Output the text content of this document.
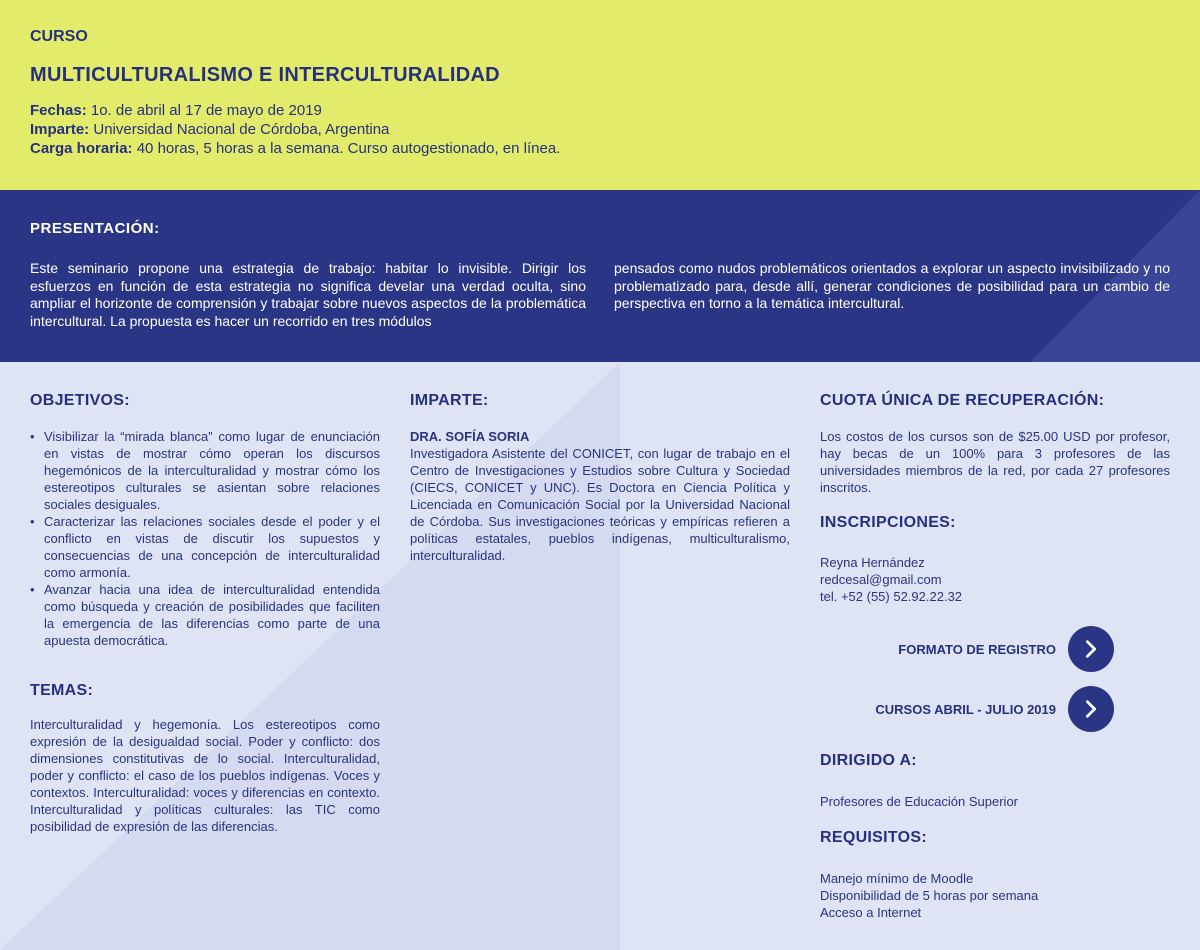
CURSO
MULTICULTURALISMO E INTERCULTURALIDAD
Fechas: 1o. de abril al 17 de mayo de 2019
Imparte: Universidad Nacional de Córdoba, Argentina
Carga horaria: 40 horas, 5 horas a la semana. Curso autogestionado, en línea.
PRESENTACIÓN:

Este seminario propone una estrategia de trabajo: habitar lo invisible. Dirigir los esfuerzos en función de esta estrategia no significa develar una verdad oculta, sino ampliar el horizonte de comprensión y trabajar sobre nuevos aspectos de la problemática intercultural. La propuesta es hacer un recorrido en tres módulos

pensados como nudos problemáticos orientados a explorar un aspecto invisibilizado y no problematizado para, desde allí, generar condiciones de posibilidad para un cambio de perspectiva en torno a la temática intercultural.

OBJETIVOS:
• Visibilizar la “mirada blanca” como lugar de enunciación en vistas de mostrar cómo operan los discursos hegemónicos de la interculturalidad y mostrar cómo los estereotipos culturales se asientan sobre relaciones sociales desiguales.
• Caracterizar las relaciones sociales desde el poder y el conflicto en vistas de discutir los supuestos y consecuencias de una concepción de interculturalidad como armonía.
• Avanzar hacia una idea de interculturalidad entendida como búsqueda y creación de posibilidades que faciliten la emergencia de las diferencias como parte de una apuesta democrática.
TEMAS:

Interculturalidad y hegemonía. Los estereotipos como expresión de la desigualdad social. Poder y conflicto: dos dimensiones constitutivas de lo social. Interculturalidad, poder y conflicto: el caso de los pueblos indígenas. Voces y contextos. Interculturalidad: voces y diferencias en contexto. Interculturalidad y políticas culturales: las TIC como posibilidad de expresión de las diferencias.

IMPARTE:
DRA. SOFÍA SORIA

Investigadora Asistente del CONICET, con lugar de trabajo en el Centro de Investigaciones y Estudios sobre Cultura y Sociedad (CIECS, CONICET y UNC). Es Doctora en Ciencia Política y Licenciada en Comunicación Social por la Universidad Nacional de Córdoba. Sus investigaciones teóricas y empíricas refieren a políticas estatales, pueblos indígenas, multiculturalismo, interculturalidad.

CUOTA ÚNICA DE RECUPERACIÓN:

Los costos de los cursos son de $25.00 USD por profesor, hay becas de un 100% para 3 profesores de las universidades miembros de la red, por cada 27 profesores inscritos.

INSCRIPCIONES:
Reyna Hernández
redcesal@gmail.com
tel. +52 (55) 52.92.22.32
FORMATO DE REGISTRO
CURSOS ABRIL - JULIO 2019
DIRIGIDO A:
Profesores de Educación Superior
REQUISITOS:
Manejo mínimo de Moodle
Disponibilidad de 5 horas por semana
Acceso a Internet
